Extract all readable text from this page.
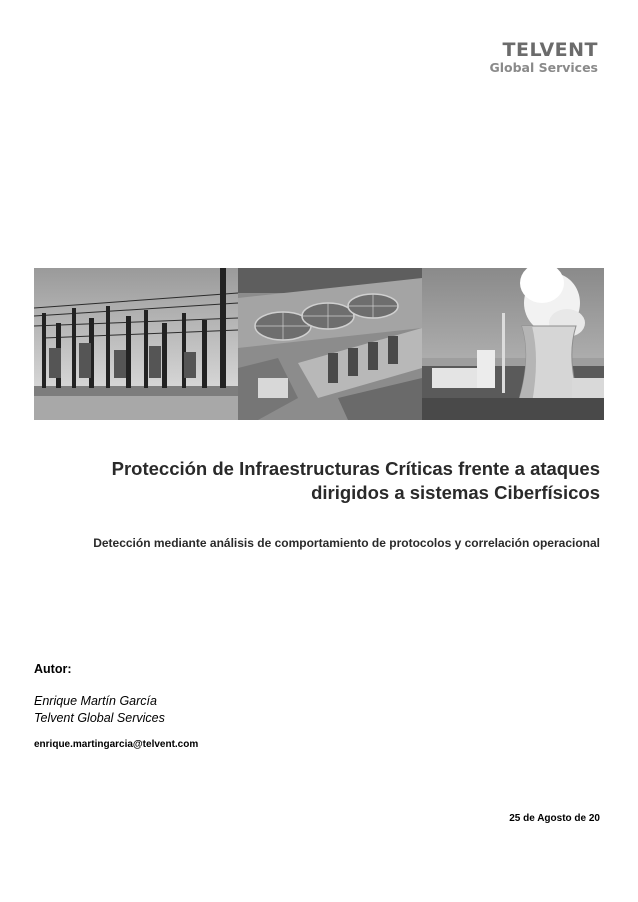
TELVENT
Global Services
Protección de Infraestructuras Críticas frente a ataques
dirigidos a sistemas Ciberfísicos
Detección mediante análisis de comportamiento de protocolos y correlación operacional
Autor:
Enrique Martín García
Telvent Global Services
enrique.martingarcia@telvent.com
25 de Agosto de 20
